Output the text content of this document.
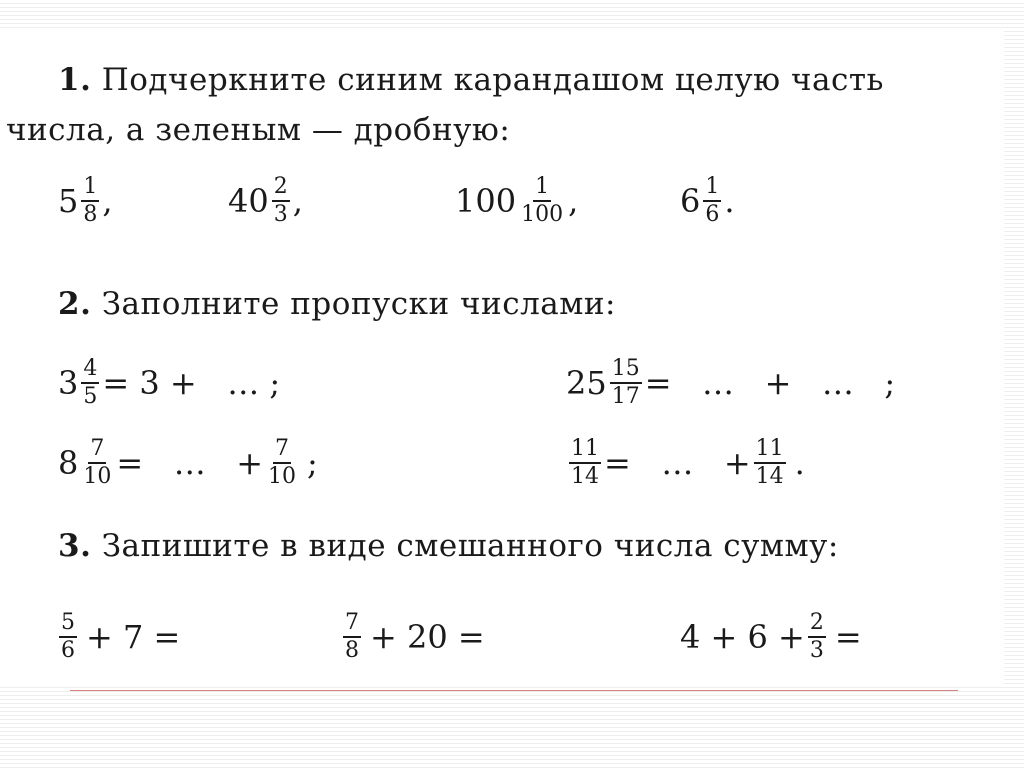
1. Подчеркните синим карандашом целую часть
числа, а зеленым — дробную:
$5 \frac{1}{8}$ ,	$40 \frac{2}{3}$ ,	$100 \frac{1}{100}$ ,	$6 \frac{1}{6}$ .
2. Заполните пропуски числами:
$3 \frac{4}{5} = 3$ +   … ;	$25 \frac{15}{17}$ =   …   +   …   ;
$8 \frac{7}{10}$ =   …   + $\frac{7}{10}$ ;	$\frac{11}{14}$ =   …   + $\frac{11}{14}$ .
3. Запишите в виде смешанного числа сумму:
$\frac{5}{6} + 7$ =	$\frac{7}{8} + 20$ =	$4 + 6 + \frac{2}{3}$ =
